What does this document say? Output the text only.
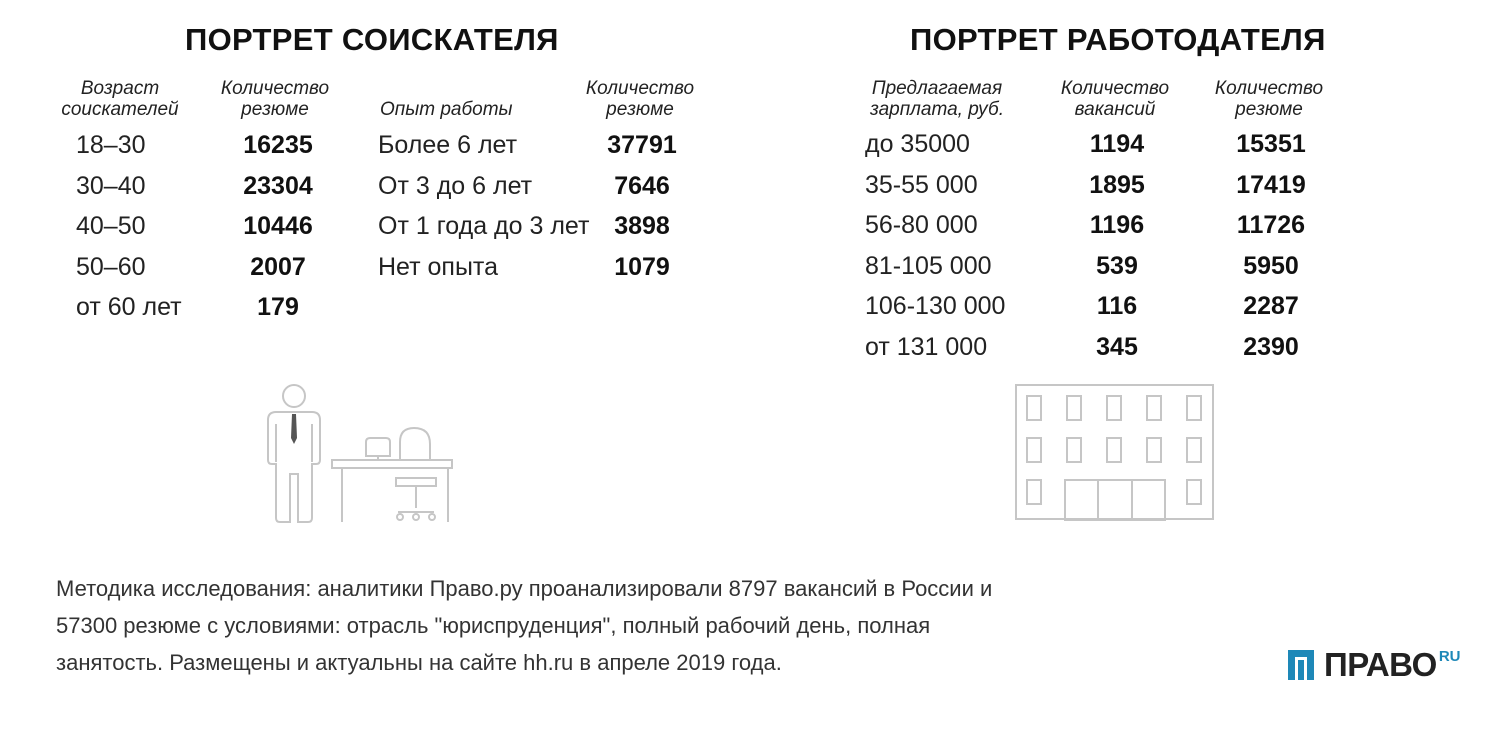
ПОРТРЕТ СОИСКАТЕЛЯ
Возраст
соискателей
Количество
резюме
18–30	16235
30–40	23304
40–50	10446
50–60	2007
от 60 лет	179
Опыт работы
Количество
резюме
Более 6 лет	37791
От 3 до 6 лет	7646
От 1 года до 3 лет 3898
Нет опыта	1079
ПОРТРЕТ РАБОТОДАТЕЛЯ
Предлагаемая
зарплата, руб.
Количество
вакансий
Количество
резюме
до 35000	1194	15351
35-55 000	1895	17419
56-80 000	1196	11726
81-105 000	539	5950
106-130 000	116	2287
от 131 000	345	2390
Методика исследования: аналитики Право.ру проанализировали 8797 вакансий в России и
57300 резюме с условиями: отрасль "юриспруденция", полный рабочий день, полная
занятость. Размещены и актуальны на сайте hh.ru в апреле 2019 года.	ПРАВО RU
